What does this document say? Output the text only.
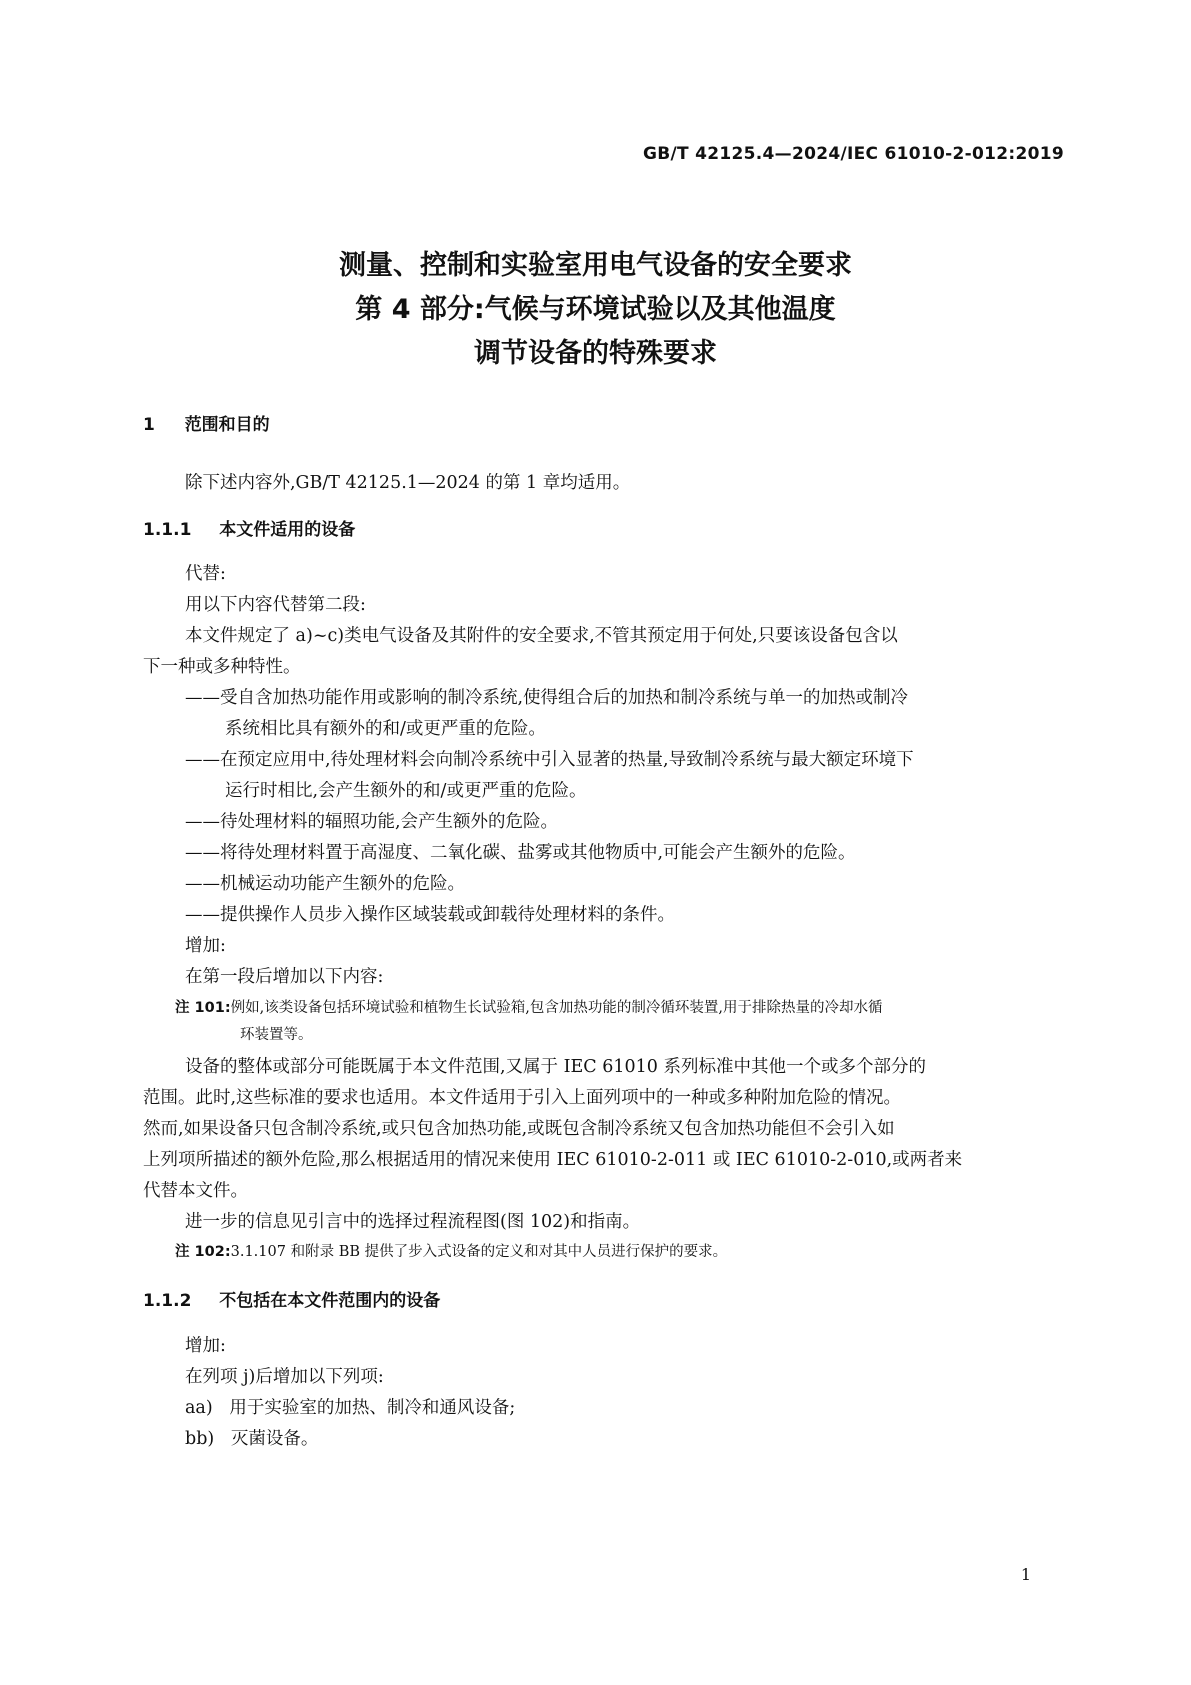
GB/T 42125.4—2024/IEC 61010-2-012:2019
测量、控制和实验室用电气设备的安全要求
第 4 部分:气候与环境试验以及其他温度
调节设备的特殊要求
1 范围和目的
除下述内容外,GB/T 42125.1—2024 的第 1 章均适用。
1.1.1 本文件适用的设备
代替:
用以下内容代替第二段:
本文件规定了 a)~c)类电气设备及其附件的安全要求,不管其预定用于何处,只要该设备包含以
下一种或多种特性。
——受自含加热功能作用或影响的制冷系统,使得组合后的加热和制冷系统与单一的加热或制冷
系统相比具有额外的和/或更严重的危险。
——在预定应用中,待处理材料会向制冷系统中引入显著的热量,导致制冷系统与最大额定环境下
运行时相比,会产生额外的和/或更严重的危险。
——待处理材料的辐照功能,会产生额外的危险。
——将待处理材料置于高湿度、二氧化碳、盐雾或其他物质中,可能会产生额外的危险。
——机械运动功能产生额外的危险。
——提供操作人员步入操作区域装载或卸载待处理材料的条件。
增加:
在第一段后增加以下内容:
注 101:例如,该类设备包括环境试验和植物生长试验箱,包含加热功能的制冷循环装置,用于排除热量的冷却水循
环装置等。
设备的整体或部分可能既属于本文件范围,又属于 IEC 61010 系列标准中其他一个或多个部分的
范围。此时,这些标准的要求也适用。本文件适用于引入上面列项中的一种或多种附加危险的情况。
然而,如果设备只包含制冷系统,或只包含加热功能,或既包含制冷系统又包含加热功能但不会引入如
上列项所描述的额外危险,那么根据适用的情况来使用 IEC 61010-2-011 或 IEC 61010-2-010,或两者来
代替本文件。
进一步的信息见引言中的选择过程流程图(图 102)和指南。
注 102:3.1.107 和附录 BB 提供了步入式设备的定义和对其中人员进行保护的要求。
1.1.2 不包括在本文件范围内的设备
增加:
在列项 j)后增加以下列项:
aa)   用于实验室的加热、制冷和通风设备;
bb)   灭菌设备。
1
